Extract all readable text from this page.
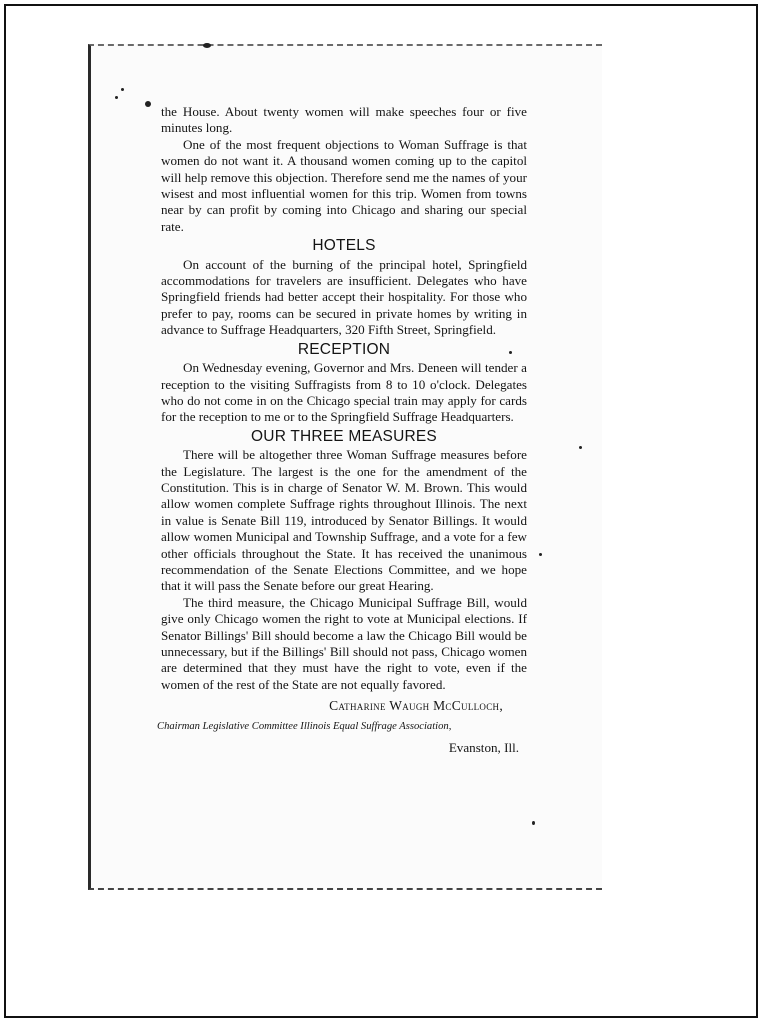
the House. About twenty women will make speeches four or five minutes long.

One of the most frequent objections to Woman Suffrage is that women do not want it. A thousand women coming up to the capitol will help remove this objection. Therefore send me the names of your wisest and most influential women for this trip. Women from towns near by can profit by coming into Chicago and sharing our special rate.

HOTELS

On account of the burning of the principal hotel, Springfield accommodations for travelers are insufficient. Delegates who have Springfield friends had better accept their hospitality. For those who prefer to pay, rooms can be secured in private homes by writing in advance to Suffrage Headquarters, 320 Fifth Street, Springfield.

RECEPTION

On Wednesday evening, Governor and Mrs. Deneen will tender a reception to the visiting Suffragists from 8 to 10 o'clock. Delegates who do not come in on the Chicago special train may apply for cards for the reception to me or to the Springfield Suffrage Headquarters.

OUR THREE MEASURES

There will be altogether three Woman Suffrage measures before the Legislature. The largest is the one for the amendment of the Constitution. This is in charge of Senator W. M. Brown. This would allow women complete Suffrage rights throughout Illinois. The next in value is Senate Bill 119, introduced by Senator Billings. It would allow women Municipal and Township Suffrage, and a vote for a few other officials throughout the State. It has received the unanimous recommendation of the Senate Elections Committee, and we hope that it will pass the Senate before our great Hearing.

The third measure, the Chicago Municipal Suffrage Bill, would give only Chicago women the right to vote at Municipal elections. If Senator Billings' Bill should become a law the Chicago Bill would be unnecessary, but if the Billings' Bill should not pass, Chicago women are determined that they must have the right to vote, even if the women of the rest of the State are not equally favored.

Catharine Waugh McCulloch,
Chairman Legislative Committee Illinois Equal Suffrage Association,
Evanston, Ill.
